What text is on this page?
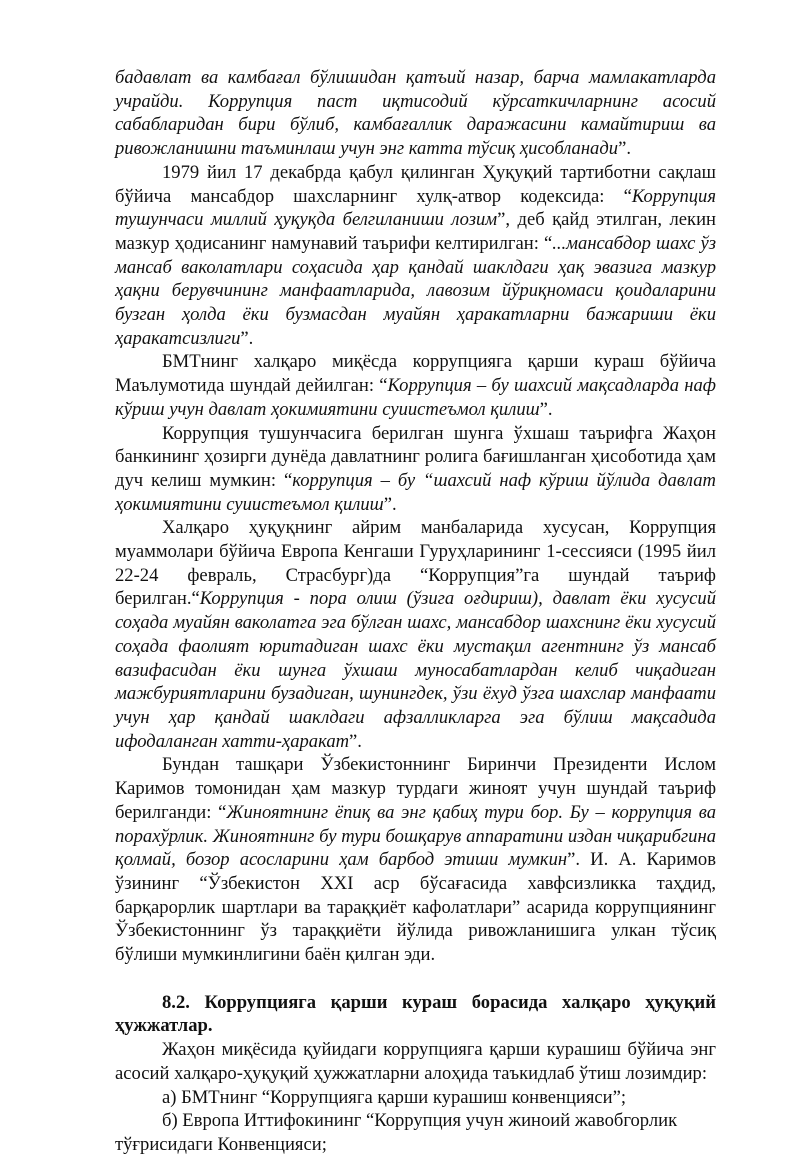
бадавлат ва камбағал бўлишидан қатъий назар, барча мамлакатларда учрайди. Коррупция паст иқтисодий кўрсаткичларнинг асосий сабабларидан бири бўлиб, камбағаллик даражасини камайтириш ва ривожланишни таъминлаш учун энг катта тўсиқ ҳисобланади”.

1979 йил 17 декабрда қабул қилинган Ҳуқуқий тартиботни сақлаш бўйича мансабдор шахсларнинг хулқ-атвор кодексида: “Коррупция тушунчаси миллий ҳуқуқда белгиланиши лозим”, деб қайд этилган, лекин мазкур ҳодисанинг намунавий таърифи келтирилган: “...мансабдор шахс ўз мансаб ваколатлари соҳасида ҳар қандай шаклдаги ҳақ эвазига мазкур ҳақни берувчининг манфаатларида, лавозим йўриқномаси қоидаларини бузган ҳолда ёки бузмасдан муайян ҳаракатларни бажариши ёки ҳаракатсизлиги”.

БМТнинг халқаро миқёсда коррупцияга қарши кураш бўйича Маълумотида шундай дейилган: “Коррупция – бу шахсий мақсадларда наф кўриш учун давлат ҳокимиятини суиистеъмол қилиш”.

Коррупция тушунчасига берилган шунга ўхшаш таърифга Жаҳон банкининг ҳозирги дунёда давлатнинг ролига бағишланган ҳисоботида ҳам дуч келиш мумкин: “коррупция – бу “шахсий наф кўриш йўлида давлат ҳокимиятини суиистеъмол қилиш”.

Халқаро ҳуқуқнинг айрим манбаларида хусусан, Коррупция муаммолари бўйича Европа Кенгаши Гуруҳларининг 1-сессияси (1995 йил 22-24 февраль, Страсбург)да “Коррупция”га шундай таъриф берилган.“Коррупция - пора олиш (ўзига оғдириш), давлат ёки хусусий соҳада муайян ваколатга эга бўлган шахс, мансабдор шахснинг ёки хусусий соҳада фаолият юритадиган шахс ёки мустақил агентнинг ўз мансаб вазифасидан ёки шунга ўхшаш муносабатлардан келиб чиқадиган мажбуриятларини бузадиган, шунингдек, ўзи ёхуд ўзга шахслар манфаати учун ҳар қандай шаклдаги афзалликларга эга бўлиш мақсадида ифодаланган хатти-ҳаракат”.

Бундан ташқари Ўзбекистоннинг Биринчи Президенти Ислом Каримов томонидан ҳам мазкур турдаги жиноят учун шундай таъриф берилганди: “Жиноятнинг ёпиқ ва энг қабиҳ тури бор. Бу – коррупция ва порахўрлик. Жиноятнинг бу тури бошқарув аппаратини издан чиқарибгина қолмай, бозор асосларини ҳам барбод этиши мумкин”. И. А. Каримов ўзининг “Ўзбекистон XXI аср бўсағасида хавфсизликка таҳдид, барқарорлик шартлари ва тараққиёт кафолатлари” асарида коррупциянинг Ўзбекистоннинг ўз тараққиёти йўлида ривожланишига улкан тўсиқ бўлиши мумкинлигини баён қилган эди.

8.2. Коррупцияга қарши кураш борасида халқаро ҳуқуқий ҳужжатлар.

Жаҳон миқёсида қуйидаги коррупцияга қарши курашиш бўйича энг асосий халқаро-ҳуқуқий ҳужжатларни алоҳида таъкидлаб ўтиш лозимдир:

а) БМТнинг “Коррупцияга қарши курашиш конвенцияси”;

б) Европа Иттифокининг “Коррупция учун жиноий жавобгорлик тўғрисидаги Конвенцияси;
